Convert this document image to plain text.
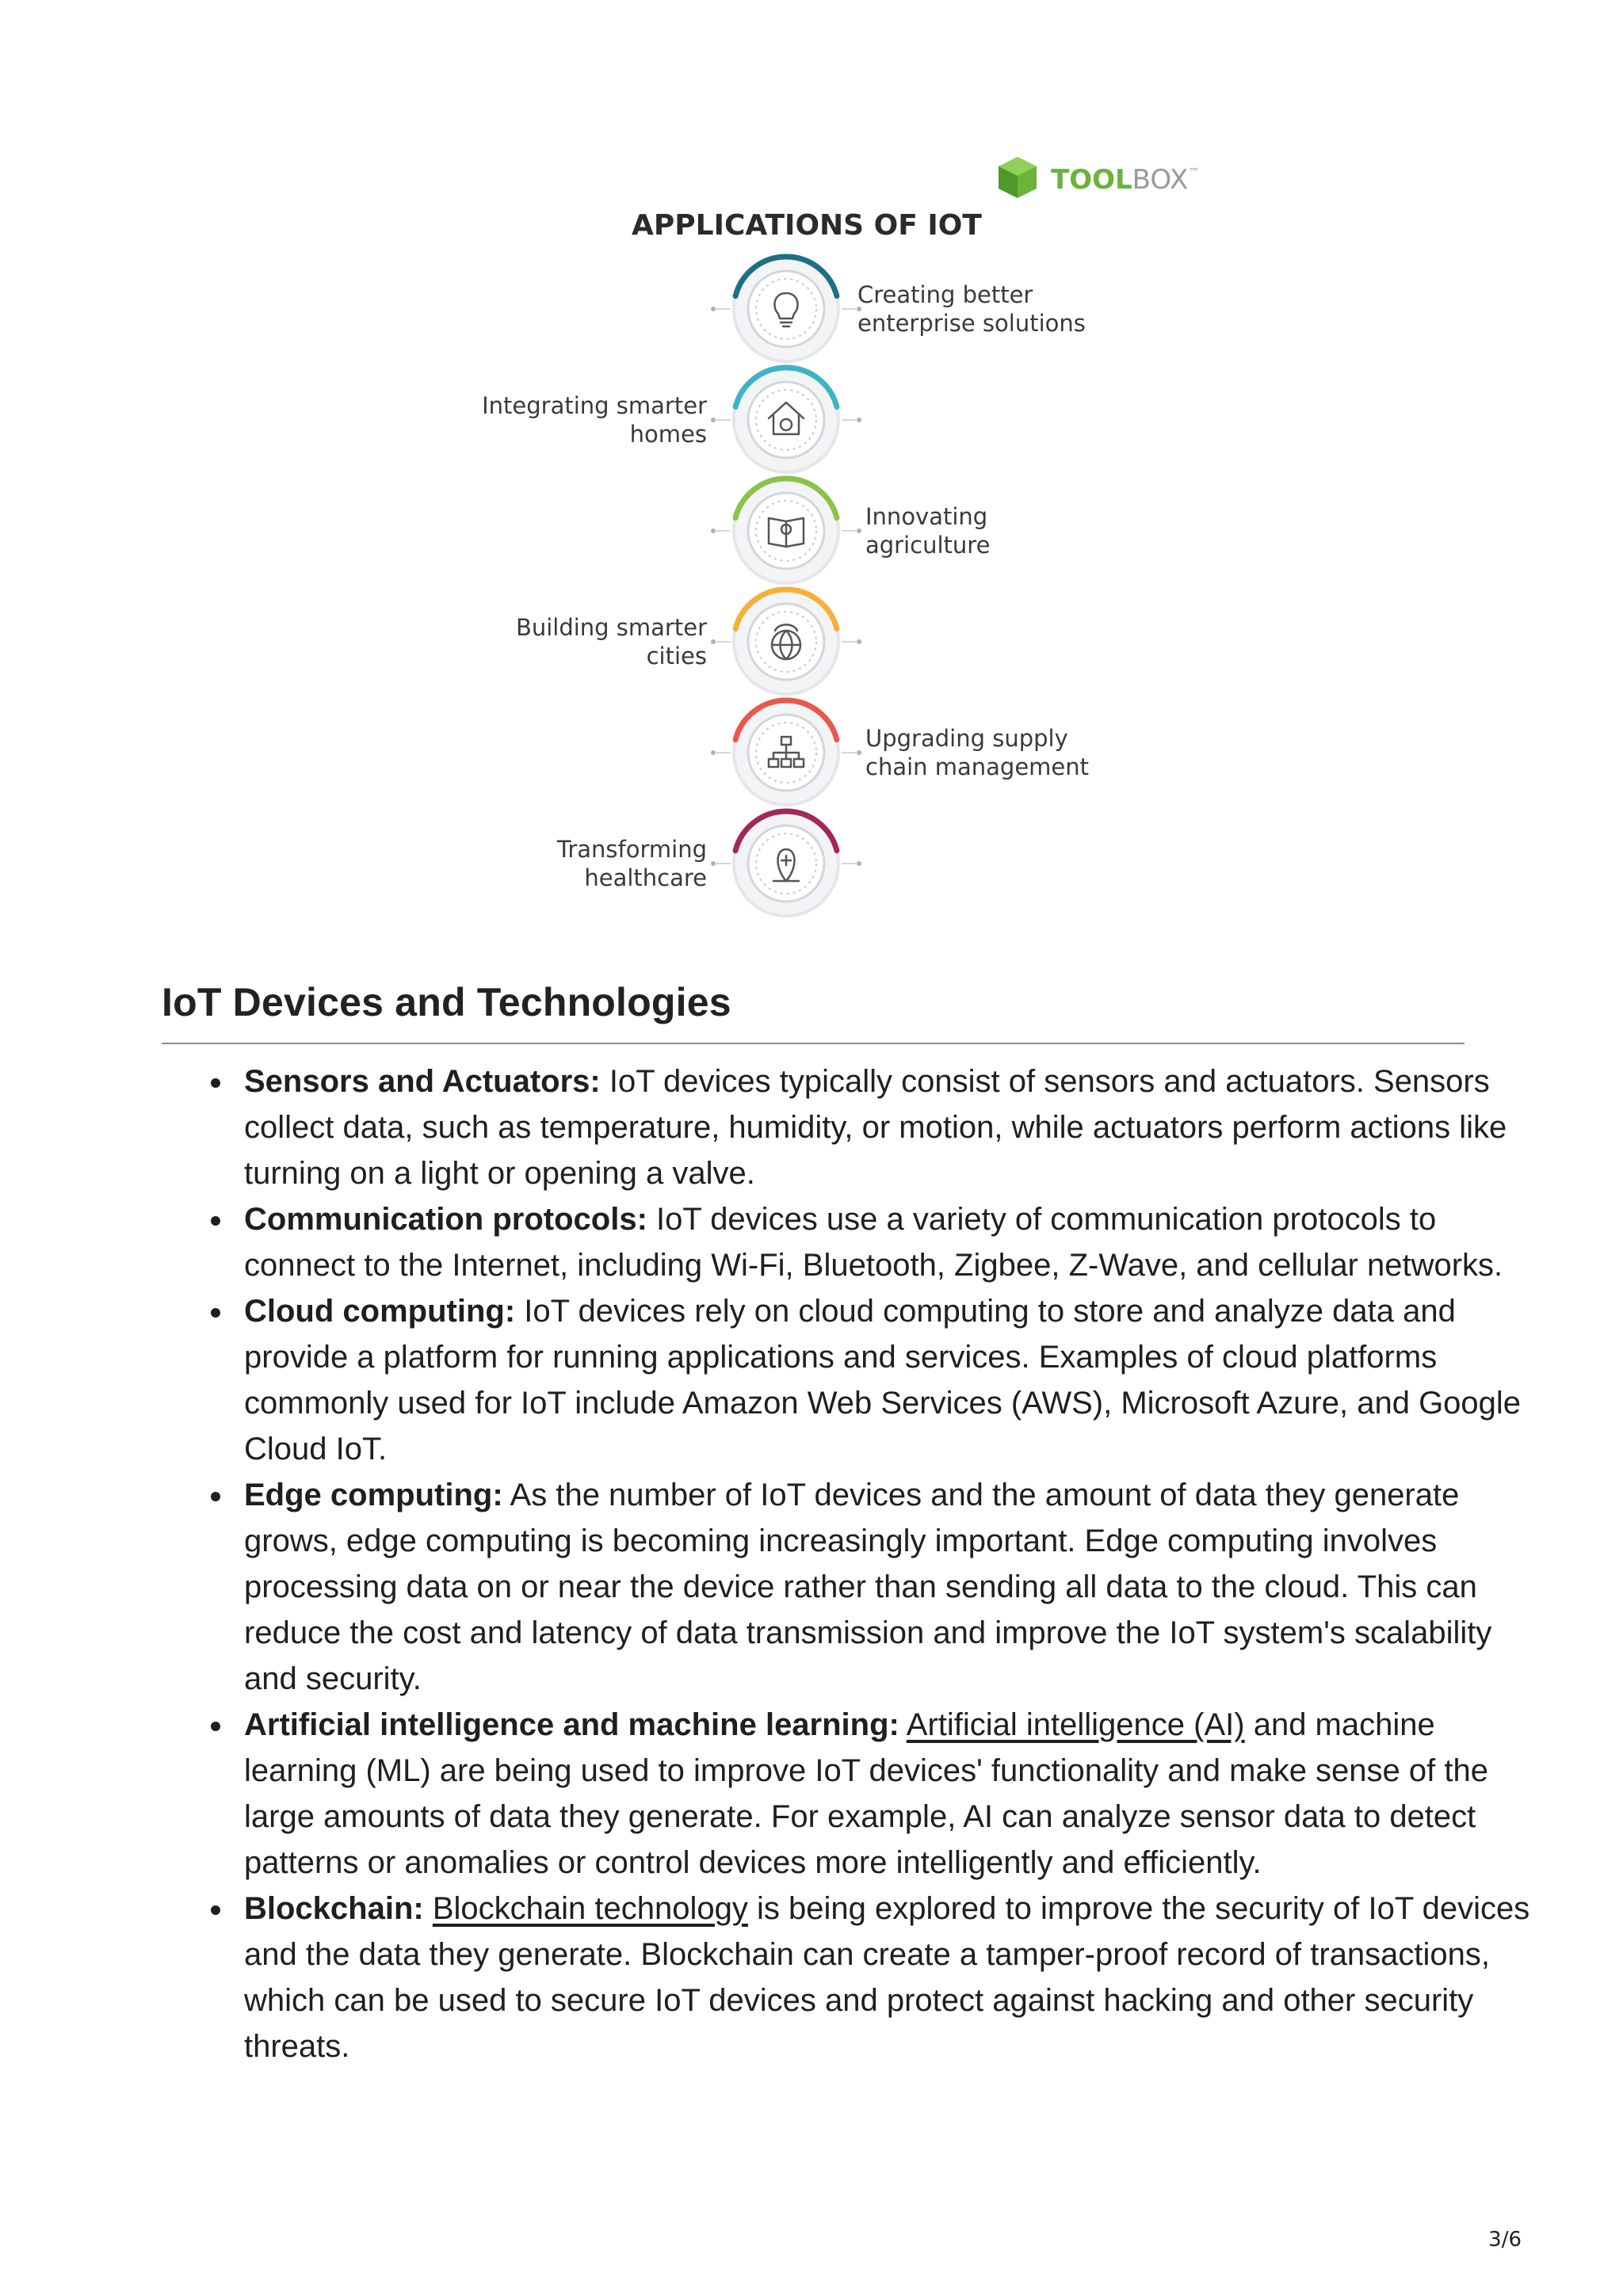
TOOLBOX™
APPLICATIONS OF IOT
Creating better
enterprise solutions
Integrating smarter
homes
Innovating
agriculture
Building smarter
cities
Upgrading supply
chain management
Transforming
healthcare
IoT Devices and Technologies
Sensors and Actuators: IoT devices typically consist of sensors and actuators. Sensors collect data, such as temperature, humidity, or motion, while actuators perform actions like turning on a light or opening a valve.
Communication protocols: IoT devices use a variety of communication protocols to connect to the Internet, including Wi-Fi, Bluetooth, Zigbee, Z-Wave, and cellular networks.
Cloud computing: IoT devices rely on cloud computing to store and analyze data and provide a platform for running applications and services. Examples of cloud platforms commonly used for IoT include Amazon Web Services (AWS), Microsoft Azure, and Google Cloud IoT.
Edge computing: As the number of IoT devices and the amount of data they generate grows, edge computing is becoming increasingly important. Edge computing involves processing data on or near the device rather than sending all data to the cloud. This can reduce the cost and latency of data transmission and improve the IoT system's scalability and security.
Artificial intelligence and machine learning: Artificial intelligence (AI) and machine learning (ML) are being used to improve IoT devices' functionality and make sense of the large amounts of data they generate. For example, AI can analyze sensor data to detect patterns or anomalies or control devices more intelligently and efficiently.
Blockchain: Blockchain technology is being explored to improve the security of IoT devices and the data they generate. Blockchain can create a tamper-proof record of transactions, which can be used to secure IoT devices and protect against hacking and other security threats.
3/6
